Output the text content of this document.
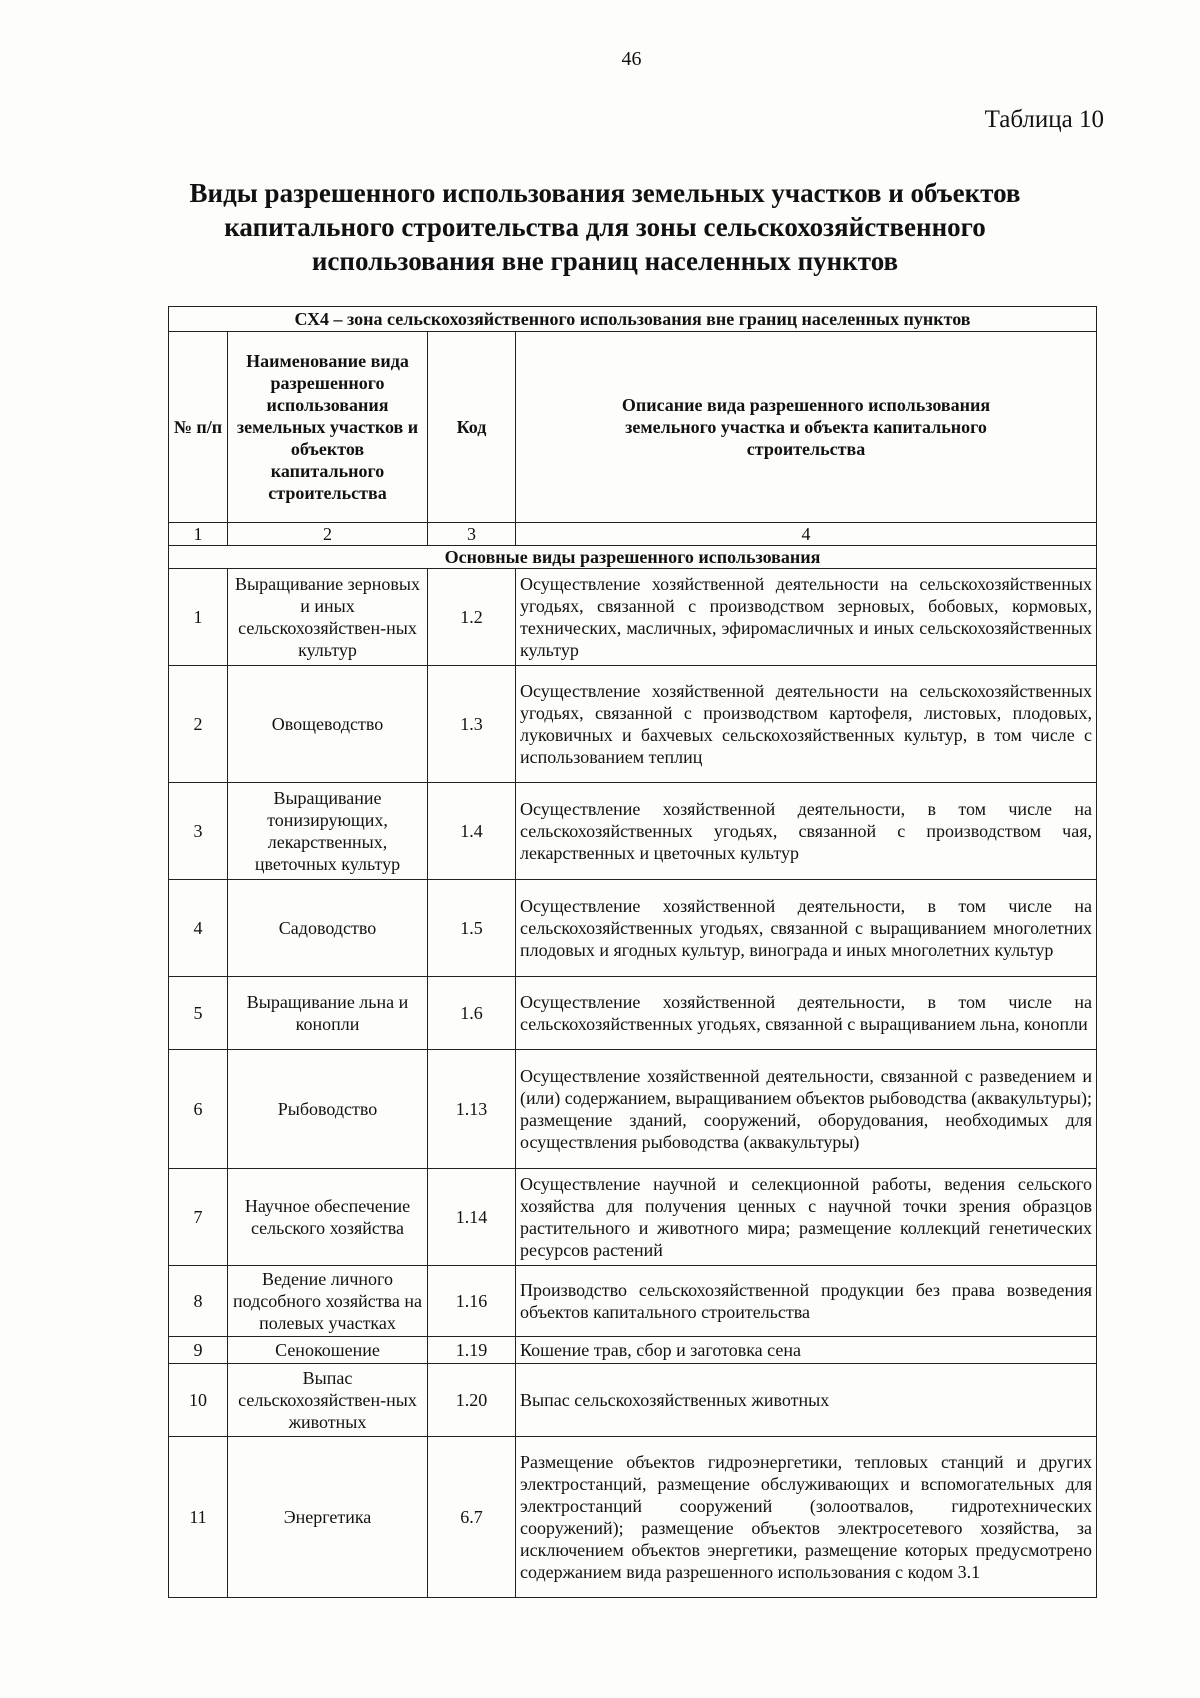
46
Таблица 10
Виды разрешенного использования земельных участков и объектов капитального строительства для зоны сельскохозяйственного использования вне границ населенных пунктов
СХ4 – зона сельскохозяйственного использования вне границ населенных пунктов			
№ п/п	Наименование вида разрешенного использования земельных участков и объектов капитального строительства	Код	Описание вида разрешенного использования земельного участка и объекта капитального строительства
1	2	3	4
Основные виды разрешенного использования			
1	Выращивание зерновых и иных сельскохозяйствен-ных культур	1.2	Осуществление хозяйственной деятельности на сельскохозяйственных угодьях, связанной с производством зерновых, бобовых, кормовых, технических, масличных, эфиромасличных и иных сельскохозяйственных культур
2	Овощеводство	1.3	Осуществление хозяйственной деятельности на сельскохозяйственных угодьях, связанной с производством картофеля, листовых, плодовых, луковичных и бахчевых сельскохозяйственных культур, в том числе с использованием теплиц
3	Выращивание тонизирующих, лекарственных, цветочных культур	1.4	Осуществление хозяйственной деятельности, в том числе на сельскохозяйственных угодьях, связанной с производством чая, лекарственных и цветочных культур
4	Садоводство	1.5	Осуществление хозяйственной деятельности, в том числе на сельскохозяйственных угодьях, связанной с выращиванием многолетних плодовых и ягодных культур, винограда и иных многолетних культур
5	Выращивание льна и конопли	1.6	Осуществление хозяйственной деятельности, в том числе на сельскохозяйственных угодьях, связанной с выращиванием льна, конопли
6	Рыбоводство	1.13	Осуществление хозяйственной деятельности, связанной с разведением и (или) содержанием, выращиванием объектов рыбоводства (аквакультуры); размещение зданий, сооружений, оборудования, необходимых для осуществления рыбоводства (аквакультуры)
7	Научное обеспечение сельского хозяйства	1.14	Осуществление научной и селекционной работы, ведения сельского хозяйства для получения ценных с научной точки зрения образцов растительного и животного мира; размещение коллекций генетических ресурсов растений
8	Ведение личного подсобного хозяйства на полевых участках	1.16	Производство сельскохозяйственной продукции без права возведения объектов капитального строительства
9	Сенокошение	1.19	Кошение трав, сбор и заготовка сена
10	Выпас сельскохозяйствен-ных животных	1.20	Выпас сельскохозяйственных животных
11	Энергетика	6.7	Размещение объектов гидроэнергетики, тепловых станций и других электростанций, размещение обслуживающих и вспомогательных для электростанций сооружений (золоотвалов, гидротехнических сооружений); размещение объектов электросетевого хозяйства, за исключением объектов энергетики, размещение которых предусмотрено содержанием вида разрешенного использования с кодом 3.1
